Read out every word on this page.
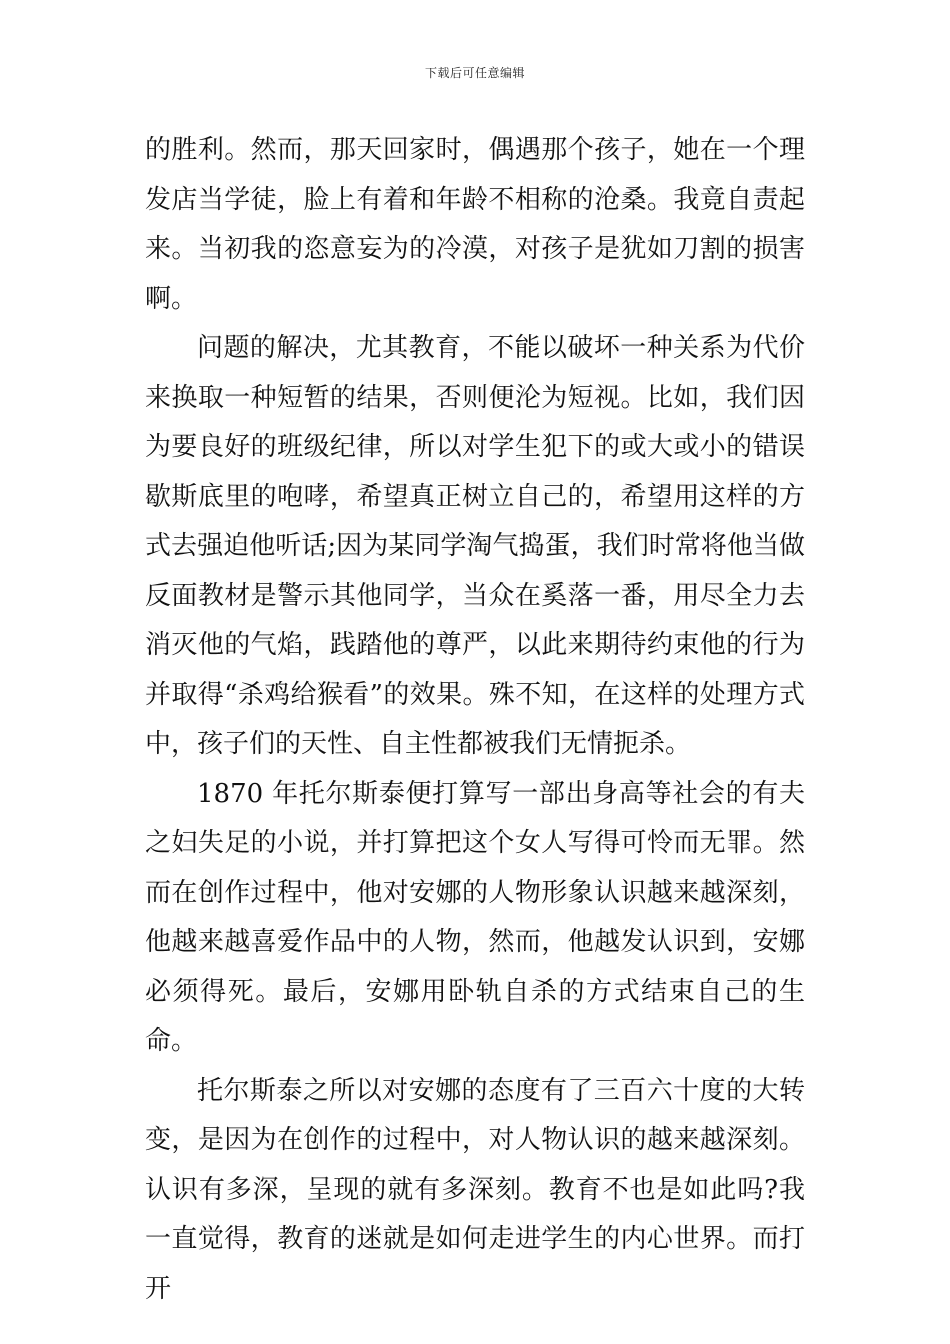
下载后可任意编辑

的胜利。然而，那天回家时，偶遇那个孩子，她在一个理发店当学徒，脸上有着和年龄不相称的沧桑。我竟自责起来。当初我的恣意妄为的冷漠，对孩子是犹如刀割的损害啊。

问题的解决，尤其教育，不能以破坏一种关系为代价来换取一种短暂的结果，否则便沦为短视。比如，我们因为要良好的班级纪律，所以对学生犯下的或大或小的错误歇斯底里的咆哮，希望真正树立自己的，希望用这样的方式去强迫他听话;因为某同学淘气捣蛋，我们时常将他当做反面教材是警示其他同学，当众在奚落一番，用尽全力去消灭他的气焰，践踏他的尊严，以此来期待约束他的行为并取得“杀鸡给猴看”的效果。殊不知，在这样的处理方式中，孩子们的天性、自主性都被我们无情扼杀。

1870 年托尔斯泰便打算写一部出身高等社会的有夫之妇失足的小说，并打算把这个女人写得可怜而无罪。然而在创作过程中，他对安娜的人物形象认识越来越深刻，他越来越喜爱作品中的人物，然而，他越发认识到，安娜必须得死。最后，安娜用卧轨自杀的方式结束自己的生命。

托尔斯泰之所以对安娜的态度有了三百六十度的大转变，是因为在创作的过程中，对人物认识的越来越深刻。认识有多深，呈现的就有多深刻。教育不也是如此吗?我一直觉得，教育的迷就是如何走进学生的内心世界。而打开
